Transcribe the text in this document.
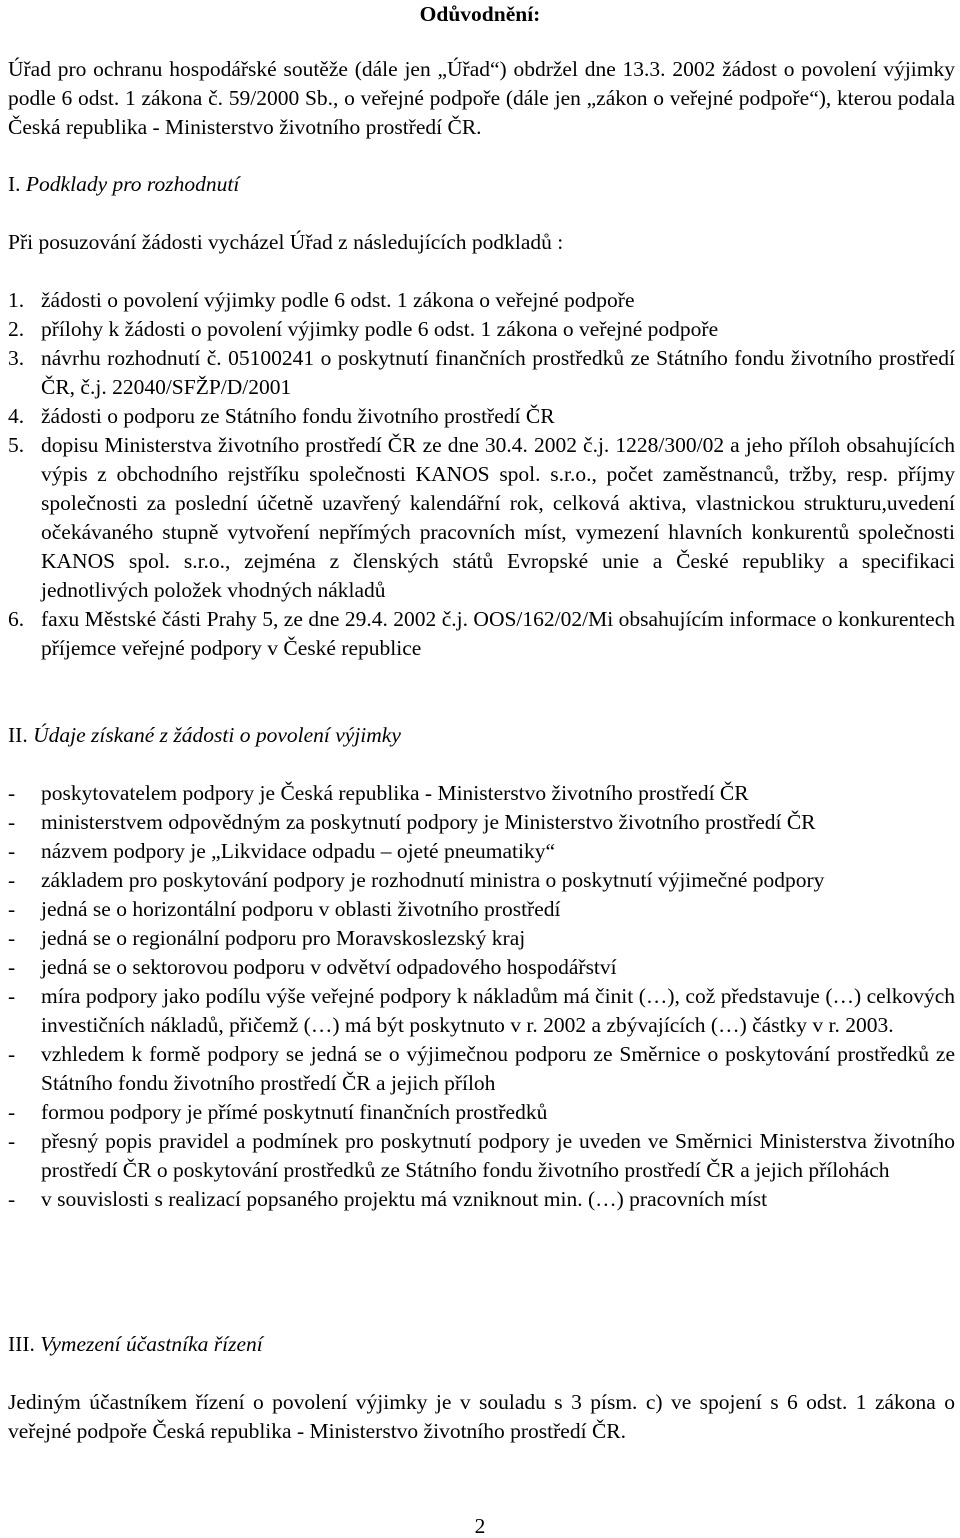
Odůvodnění:
Úřad pro ochranu hospodářské soutěže (dále jen „Úřad“) obdržel dne 13.3. 2002 žádost o povolení výjimky podle 6 odst. 1 zákona č. 59/2000 Sb., o veřejné podpoře (dále jen „zákon o veřejné podpoře“), kterou podala Česká republika - Ministerstvo životního prostředí ČR.
I. Podklady pro rozhodnutí
Při posuzování žádosti vycházel Úřad z následujících podkladů :
1. žádosti o povolení výjimky podle 6 odst. 1 zákona o veřejné podpoře
2. přílohy k žádosti o povolení výjimky podle 6 odst. 1 zákona o veřejné podpoře
3. návrhu rozhodnutí č. 05100241 o poskytnutí finančních prostředků ze Státního fondu životního prostředí ČR, č.j. 22040/SFŽP/D/2001
4. žádosti o podporu ze Státního fondu životního prostředí ČR
5. dopisu Ministerstva životního prostředí ČR ze dne 30.4. 2002 č.j. 1228/300/02 a jeho příloh obsahujících výpis z obchodního rejstříku společnosti KANOS spol. s.r.o., počet zaměstnanců, tržby, resp. příjmy společnosti za poslední účetně uzavřený kalendářní rok, celková aktiva, vlastnickou strukturu,uvedení očekávaného stupně vytvoření nepřímých pracovních míst, vymezení hlavních konkurentů společnosti KANOS spol. s.r.o., zejména z členských států Evropské unie a České republiky a specifikaci jednotlivých položek vhodných nákladů
6. faxu Městské části Prahy 5, ze dne 29.4. 2002 č.j. OOS/162/02/Mi obsahujícím informace o konkurentech příjemce veřejné podpory v České republice
II. Údaje získané z žádosti o povolení výjimky
- poskytovatelem podpory je Česká republika - Ministerstvo životního prostředí ČR
- ministerstvem odpovědným za poskytnutí podpory je Ministerstvo životního prostředí ČR
- názvem podpory je „Likvidace odpadu – ojeté pneumatiky“
- základem pro poskytování podpory je rozhodnutí ministra o poskytnutí výjimečné podpory
- jedná se o horizontální podporu v oblasti životního prostředí
- jedná se o regionální podporu pro Moravskoslezský kraj
- jedná se o sektorovou podporu v odvětví odpadového hospodářství
- míra podpory jako podílu výše veřejné podpory k nákladům má činit (…), což představuje (…) celkových investičních nákladů, přičemž (…) má být poskytnuto v r. 2002 a zbývajících (…) částky v r. 2003.
- vzhledem k formě podpory se jedná se o výjimečnou podporu ze Směrnice o poskytování prostředků ze Státního fondu životního prostředí ČR a jejich příloh
- formou podpory je přímé poskytnutí finančních prostředků
- přesný popis pravidel a podmínek pro poskytnutí podpory je uveden ve Směrnici Ministerstva životního prostředí ČR o poskytování prostředků ze Státního fondu životního prostředí ČR a jejich přílohách
- v souvislosti s realizací popsaného projektu má vzniknout min. (…) pracovních míst
III. Vymezení účastníka řízení
Jediným účastníkem řízení o povolení výjimky je v souladu s 3 písm. c) ve spojení s 6 odst. 1 zákona o veřejné podpoře Česká republika - Ministerstvo životního prostředí ČR.
2
